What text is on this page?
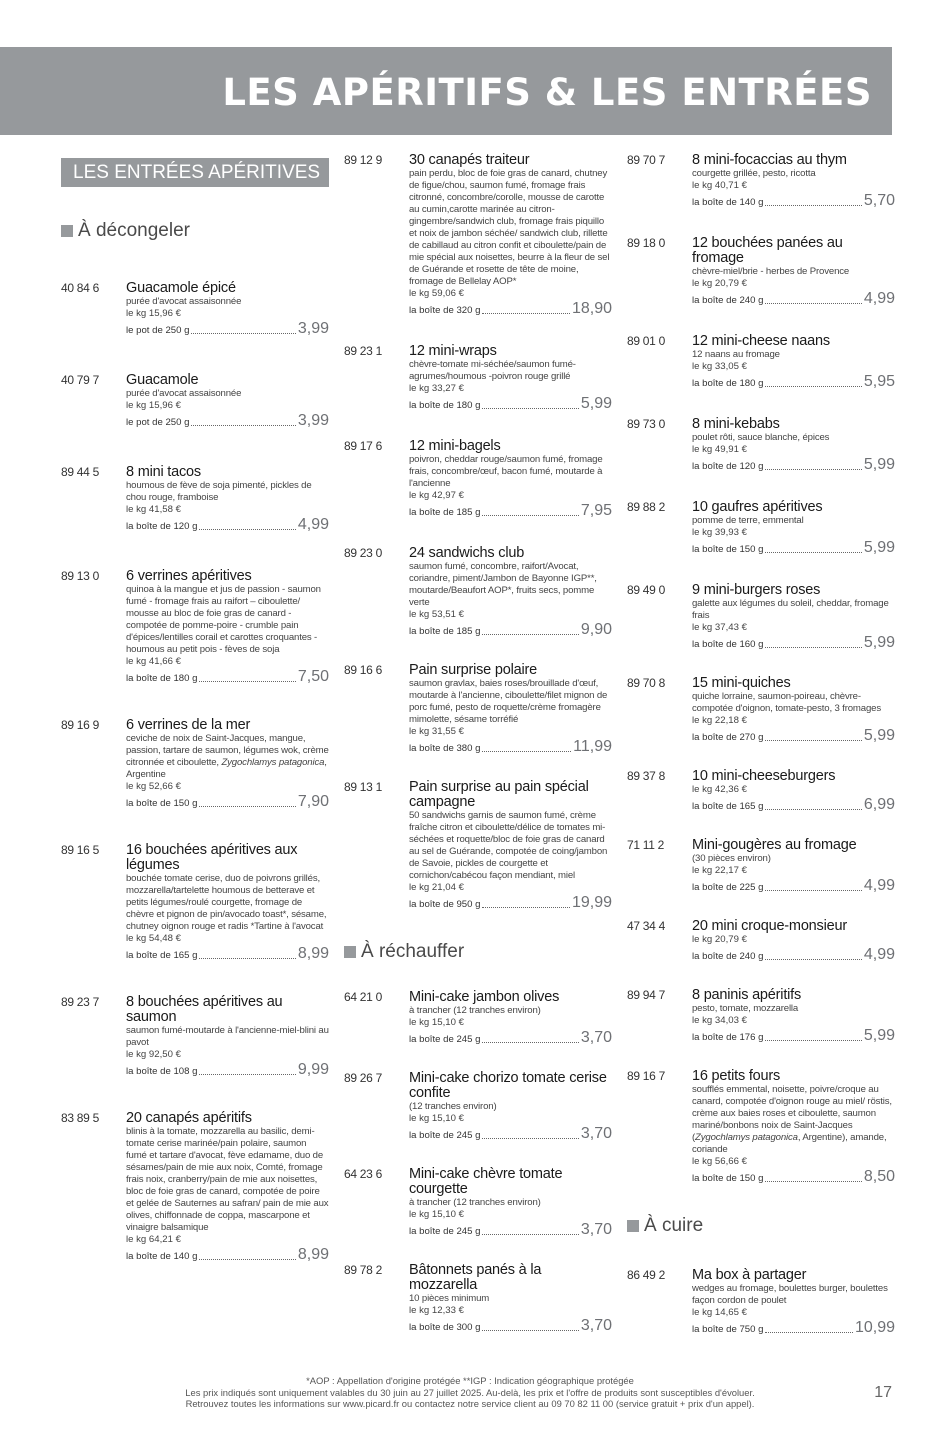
LES APÉRITIFS & LES ENTRÉES
LES ENTRÉES APÉRITIVES
À décongeler
40 84 6 Guacamole épicé
purée d'avocat assaisonnée
le kg 15,96 €
le pot de 250 g	3,99
40 79 7 Guacamole
purée d'avocat assaisonnée
le kg 15,96 €
le pot de 250 g	3,99
89 44 5 8 mini tacos
houmous de fève de soja pimenté, pickles de chou rouge, framboise
le kg 41,58 €
la boîte de 120 g	4,99
89 13 0 6 verrines apéritives
quinoa à la mangue et jus de passion - saumon fumé - fromage frais au raifort – ciboulette/ mousse au bloc de foie gras de canard - compotée de pomme-poire - crumble pain d'épices/lentilles corail et carottes croquantes - houmous au petit pois - fèves de soja
le kg 41,66 €
la boîte de 180 g	7,50
89 16 9 6 verrines de la mer
ceviche de noix de Saint-Jacques, mangue, passion, tartare de saumon, légumes wok, crème citronnée et ciboulette, Zygochlamys patagonica, Argentine
le kg 52,66 €
la boîte de 150 g	7,90
89 16 5 16 bouchées apéritives aux légumes
bouchée tomate cerise, duo de poivrons grillés, mozzarella/tartelette houmous de betterave et petits légumes/roulé courgette, fromage de chèvre et pignon de pin/avocado toast*, sésame, chutney oignon rouge et radis *Tartine à l'avocat
le kg 54,48 €
la boîte de 165 g	8,99
89 23 7 8 bouchées apéritives au saumon
saumon fumé-moutarde à l'ancienne-miel-blini au pavot
le kg 92,50 €
la boîte de 108 g	9,99
83 89 5 20 canapés apéritifs
blinis à la tomate, mozzarella au basilic, demi-tomate cerise marinée/pain polaire, saumon fumé et tartare d'avocat, fève edamame, duo de sésames/pain de mie aux noix, Comté, fromage frais noix, cranberry/pain de mie aux noisettes, bloc de foie gras de canard, compotée de poire et gelée de Sauternes au safran/ pain de mie aux olives, chiffonnade de coppa, mascarpone et vinaigre balsamique
le kg 64,21 €
la boîte de 140 g	8,99
89 12 9 30 canapés traiteur
pain perdu, bloc de foie gras de canard, chutney de figue/chou, saumon fumé, fromage frais citronné, concombre/corolle, mousse de carotte au cumin,carotte marinée au citron-gingembre/sandwich club, fromage frais piquillo et noix de jambon séchée/ sandwich club, rillette de cabillaud au citron confit et ciboulette/pain de mie spécial aux noisettes, beurre à la fleur de sel de Guérande et rosette de tête de moine, fromage de Bellelay AOP*
le kg 59,06 €
la boîte de 320 g	18,90
89 23 1 12 mini-wraps
chèvre-tomate mi-séchée/saumon fumé-agrumes/houmous -poivron rouge grillé
le kg 33,27 €
la boîte de 180 g	5,99
89 17 6 12 mini-bagels
poivron, cheddar rouge/saumon fumé, fromage frais, concombre/œuf, bacon fumé, moutarde à l'ancienne
le kg 42,97 €
la boîte de 185 g	7,95
89 23 0 24 sandwichs club
saumon fumé, concombre, raifort/Avocat, coriandre, piment/Jambon de Bayonne IGP**, moutarde/Beaufort AOP*, fruits secs, pomme verte
le kg 53,51 €
la boîte de 185 g	9,90
89 16 6 Pain surprise polaire
saumon gravlax, baies roses/brouillade d'œuf, moutarde à l'ancienne, ciboulette/filet mignon de porc fumé, pesto de roquette/crème fromagère mimolette, sésame torréfié
le kg 31,55 €
la boîte de 380 g	11,99
89 13 1 Pain surprise au pain spécial campagne
50 sandwichs garnis de saumon fumé, crème fraîche citron et ciboulette/délice de tomates mi-séchées et roquette/bloc de foie gras de canard au sel de Guérande, compotée de coing/jambon de Savoie, pickles de courgette et cornichon/cabécou façon mendiant, miel
le kg 21,04 €
la boîte de 950 g	19,99
À réchauffer
64 21 0 Mini-cake jambon olives
à trancher (12 tranches environ)
le kg 15,10 €
la boîte de 245 g	3,70
89 26 7 Mini-cake chorizo tomate cerise confite
(12 tranches environ)
le kg 15,10 €
la boîte de 245 g	3,70
64 23 6 Mini-cake chèvre tomate courgette
à trancher (12 tranches environ)
le kg 15,10 €
la boîte de 245 g	3,70
89 78 2 Bâtonnets panés à la mozzarella
10 pièces minimum
le kg 12,33 €
la boîte de 300 g	3,70
89 70 7 8 mini-focaccias au thym
courgette grillée, pesto, ricotta
le kg 40,71 €
la boîte de 140 g	5,70
89 18 0 12 bouchées panées au fromage
chèvre-miel/brie - herbes de Provence
le kg 20,79 €
la boîte de 240 g	4,99
89 01 0 12 mini-cheese naans
12 naans au fromage
le kg 33,05 €
la boîte de 180 g	5,95
89 73 0 8 mini-kebabs
poulet rôti, sauce blanche, épices
le kg 49,91 €
la boîte de 120 g	5,99
89 88 2 10 gaufres apéritives
pomme de terre, emmental
le kg 39,93 €
la boîte de 150 g	5,99
89 49 0 9 mini-burgers roses
galette aux légumes du soleil, cheddar, fromage frais
le kg 37,43 €
la boîte de 160 g	5,99
89 70 8 15 mini-quiches
quiche lorraine, saumon-poireau, chèvre-compotée d'oignon, tomate-pesto, 3 fromages
le kg 22,18 €
la boîte de 270 g	5,99
89 37 8 10 mini-cheeseburgers
le kg 42,36 €
la boîte de 165 g	6,99
71 11 2 Mini-gougères au fromage
(30 pièces environ)
le kg 22,17 €
la boîte de 225 g	4,99
47 34 4 20 mini croque-monsieur
le kg 20,79 €
la boîte de 240 g	4,99
89 94 7 8 paninis apéritifs
pesto, tomate, mozzarella
le kg 34,03 €
la boîte de 176 g	5,99
89 16 7 16 petits fours
soufflés emmental, noisette, poivre/croque au canard, compotée d'oignon rouge au miel/ röstis, crème aux baies roses et ciboulette, saumon mariné/bonbons noix de Saint-Jacques (Zygochlamys patagonica, Argentine), amande, coriande
le kg 56,66 €
la boîte de 150 g	8,50
À cuire
86 49 2 Ma box à partager
wedges au fromage, boulettes burger, boulettes façon cordon de poulet
le kg 14,65 €
la boîte de 750 g	10,99
*AOP : Appellation d'origine protégée **IGP : Indication géographique protégée
Les prix indiqués sont uniquement valables du 30 juin au 27 juillet 2025. Au-delà, les prix et l'offre de produits sont susceptibles d'évoluer.
Retrouvez toutes les informations sur www.picard.fr ou contactez notre service client au 09 70 82 11 00 (service gratuit + prix d'un appel).
17
